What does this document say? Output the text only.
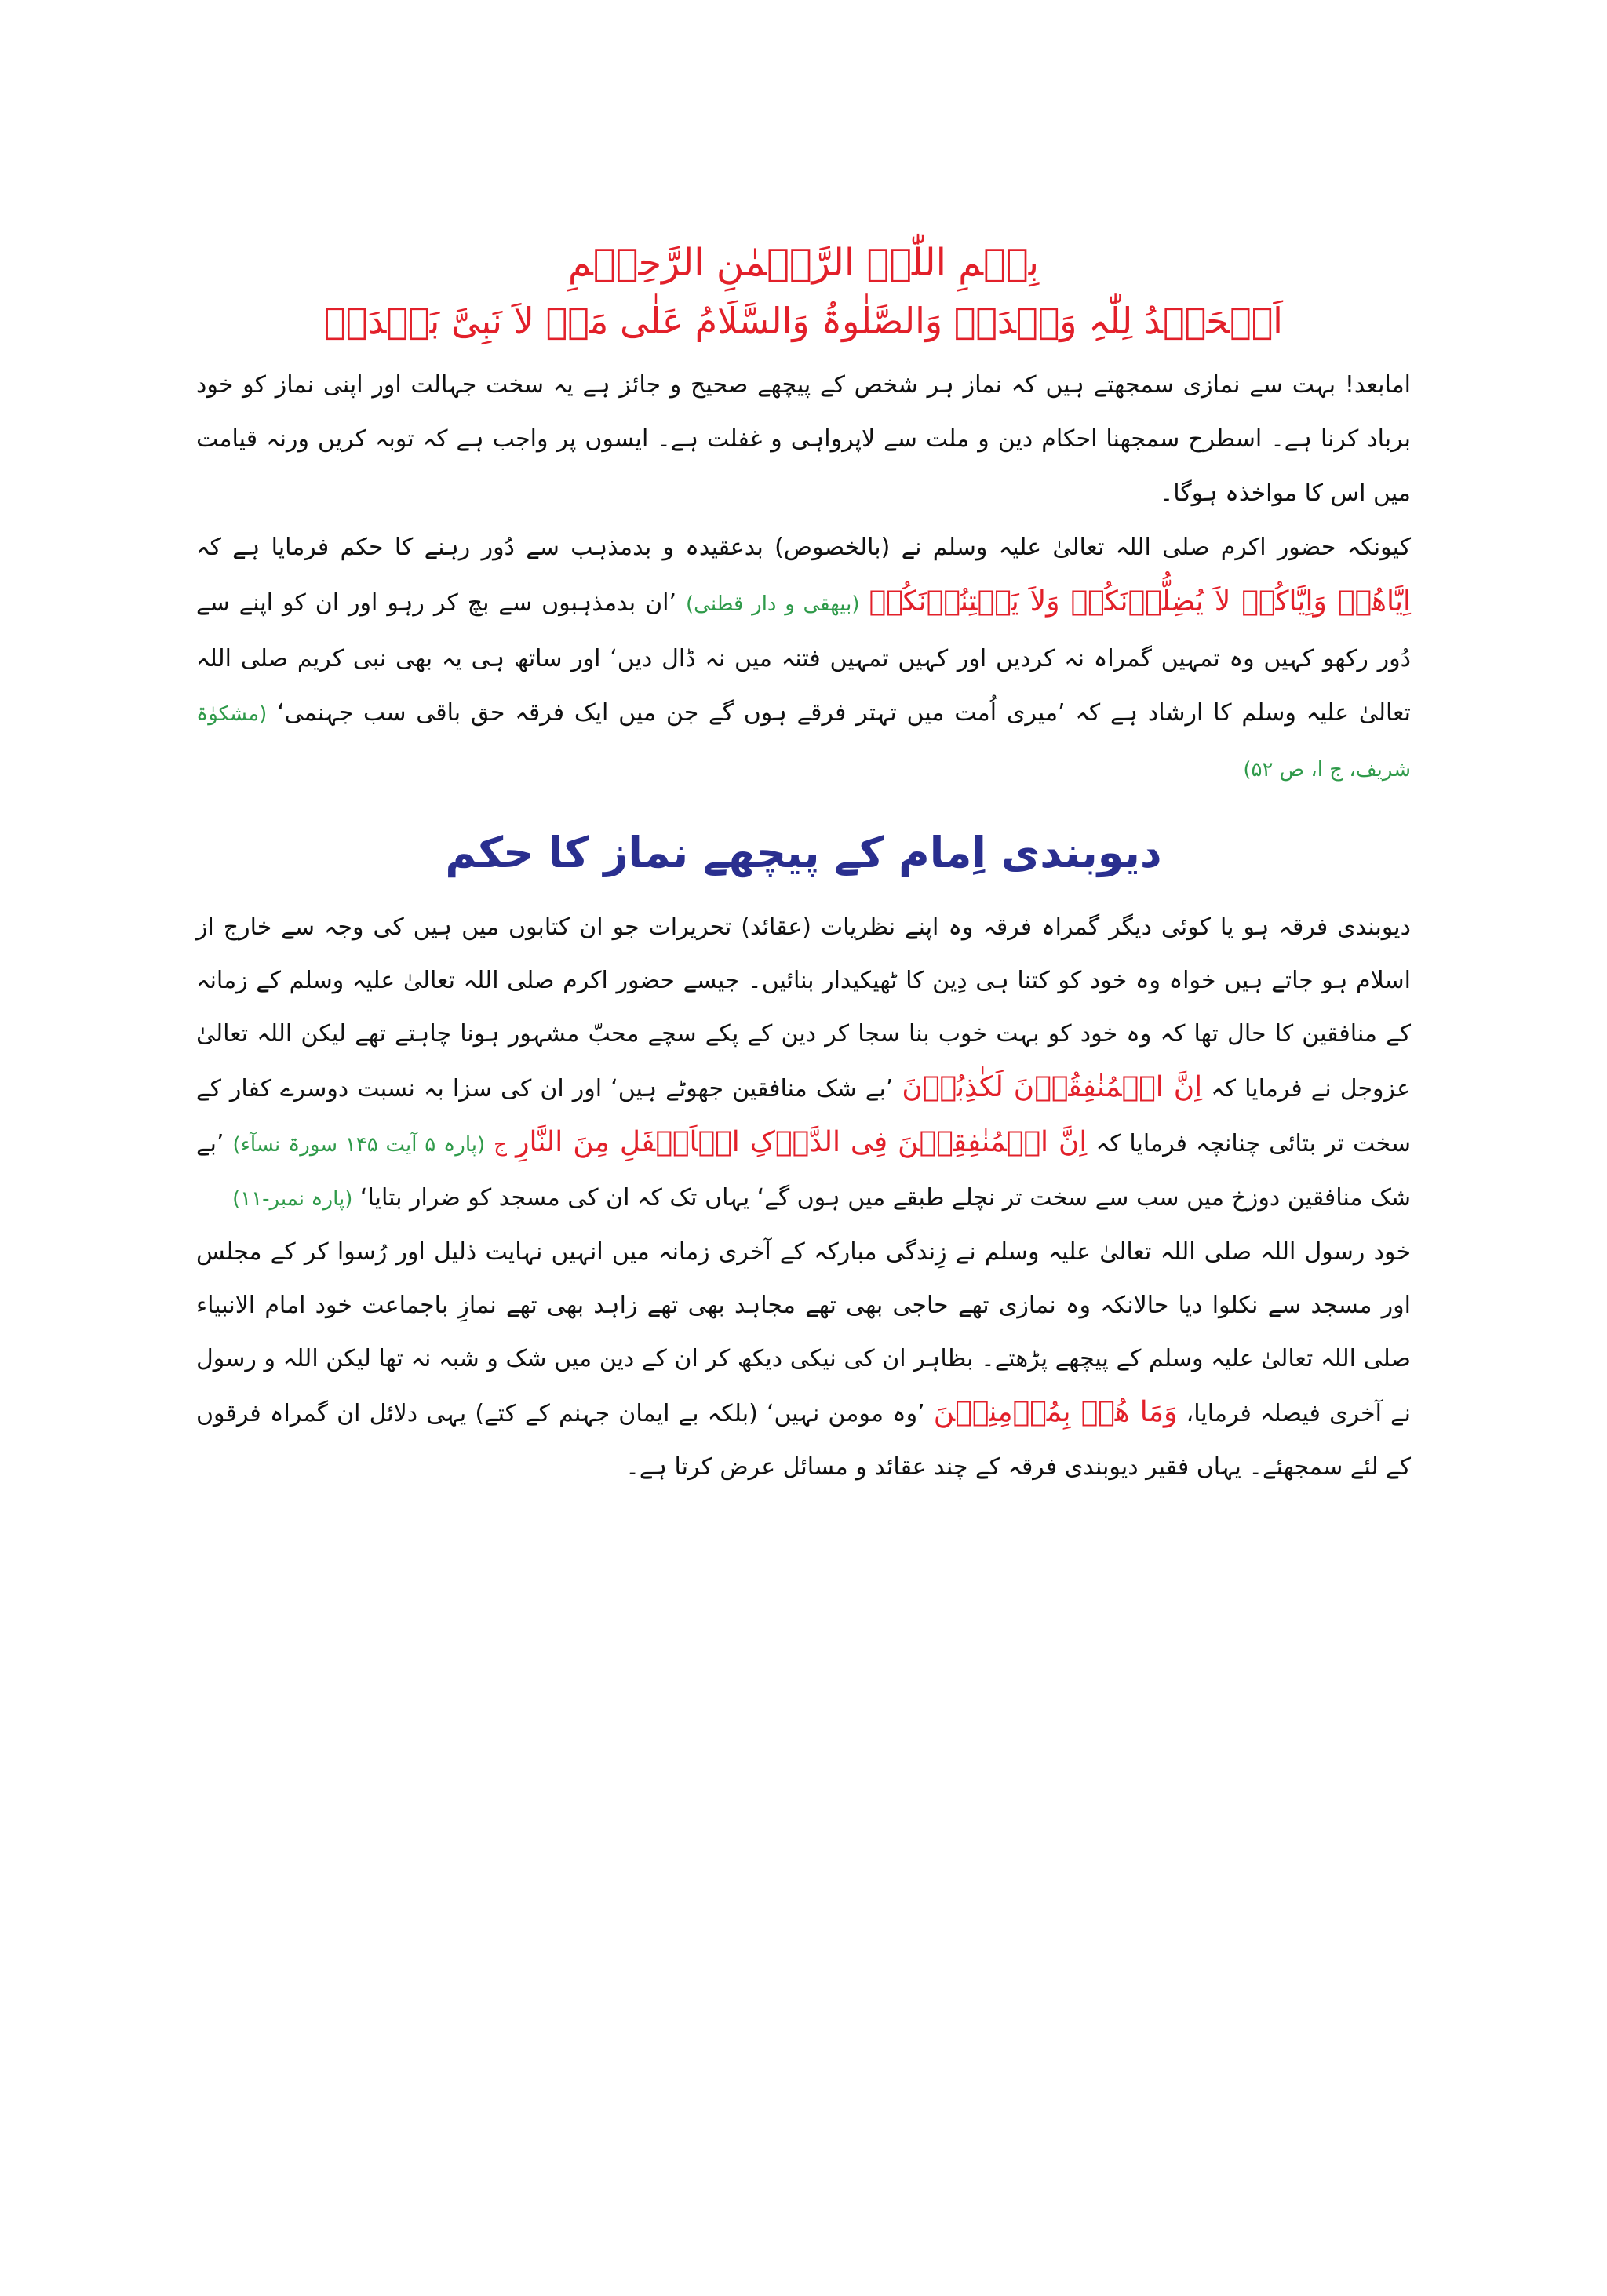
بِسۡمِ اللّٰہِ الرَّحۡمٰنِ الرَّحِیۡمِ

اَلۡحَمۡدُ لِلّٰہِ وَحۡدَہٗ وَالصَّلٰوۃُ وَالسَّلَامُ عَلٰی مَنۡ لاَ نَبِیَّ بَعۡدَہٗ

امابعد! بہت سے نمازی سمجھتے ہیں کہ نماز ہر شخص کے پیچھے صحیح و جائز ہے یہ سخت جہالت اور اپنی نماز کو خود برباد کرنا ہے۔ اسطرح سمجھنا احکام دین و ملت سے لاپرواہی و غفلت ہے۔ ایسوں پر واجب ہے کہ توبہ کریں ورنہ قیامت میں اس کا مواخذہ ہوگا۔

کیونکہ حضور اکرم صلی اللہ تعالیٰ علیہ وسلم نے (بالخصوص) بدعقیدہ و بدمذہب سے دُور رہنے کا حکم فرمایا ہے کہ اِیَّاھُمۡ وَاِیَّاکُمۡ لاَ یُضِلُّوۡنَکُمۡ وَلاَ یَفۡتِنُوۡنَکُمۡ (بیھقی و دار قطنی) ’ان بدمذہبوں سے بچ کر رہو اور ان کو اپنے سے دُور رکھو کہیں وہ تمہیں گمراہ نہ کردیں اور کہیں تمہیں فتنہ میں نہ ڈال دیں‘ اور ساتھ ہی یہ بھی نبی کریم صلی اللہ تعالیٰ علیہ وسلم کا ارشاد ہے کہ ’میری اُمت میں تہتر فرقے ہوں گے جن میں ایک فرقہ حق باقی سب جہنمی‘ (مشکوٰۃ شریف، ج ا، ص ۵۲)

دیوبندی اِمام کے پیچھے نماز کا حکم

دیوبندی فرقہ ہو یا کوئی دیگر گمراہ فرقہ وہ اپنے نظریات (عقائد) تحریرات جو ان کتابوں میں ہیں کی وجہ سے خارج از اسلام ہو جاتے ہیں خواہ وہ خود کو کتنا ہی دِین کا ٹھیکیدار بنائیں۔ جیسے حضور اکرم صلی اللہ تعالیٰ علیہ وسلم کے زمانہ کے منافقین کا حال تھا کہ وہ خود کو بہت خوب بنا سجا کر دین کے پکے سچے محبّ مشہور ہونا چاہتے تھے لیکن اللہ تعالیٰ عزوجل نے فرمایا کہ اِنَّ الۡمُنٰفِقُوۡنَ لَکٰذِبُوۡنَ ’بے شک منافقین جھوٹے ہیں‘ اور ان کی سزا بہ نسبت دوسرے کفار کے سخت تر بتائی چنانچہ فرمایا کہ اِنَّ الۡمُنٰفِقِیۡنَ فِی الدَّرۡکِ الۡاَسۡفَلِ مِنَ النَّارِ ج (پارہ ۵ آیت ۱۴۵ سورۃ نسآء) ’بے شک منافقین دوزخ میں سب سے سخت تر نچلے طبقے میں ہوں گے‘ یہاں تک کہ ان کی مسجد کو ضرار بتایا‘ (پارہ نمبر-۱۱)

خود رسول اللہ صلی اللہ تعالیٰ علیہ وسلم نے زِندگی مبارکہ کے آخری زمانہ میں انہیں نہایت ذلیل اور رُسوا کر کے مجلس اور مسجد سے نکلوا دیا حالانکہ وہ نمازی تھے حاجی بھی تھے مجاہد بھی تھے زاہد بھی تھے نمازِ باجماعت خود امام الانبیاء صلی اللہ تعالیٰ علیہ وسلم کے پیچھے پڑھتے۔ بظاہر ان کی نیکی دیکھ کر ان کے دین میں شک و شبہ نہ تھا لیکن اللہ و رسول نے آخری فیصلہ فرمایا، وَمَا ھُمۡ بِمُؤۡمِنِیۡنَ ’وہ مومن نہیں‘ (بلکہ بے ایمان جہنم کے کتے) یہی دلائل ان گمراہ فرقوں کے لئے سمجھئے۔ یہاں فقیر دیوبندی فرقہ کے چند عقائد و مسائل عرض کرتا ہے۔
